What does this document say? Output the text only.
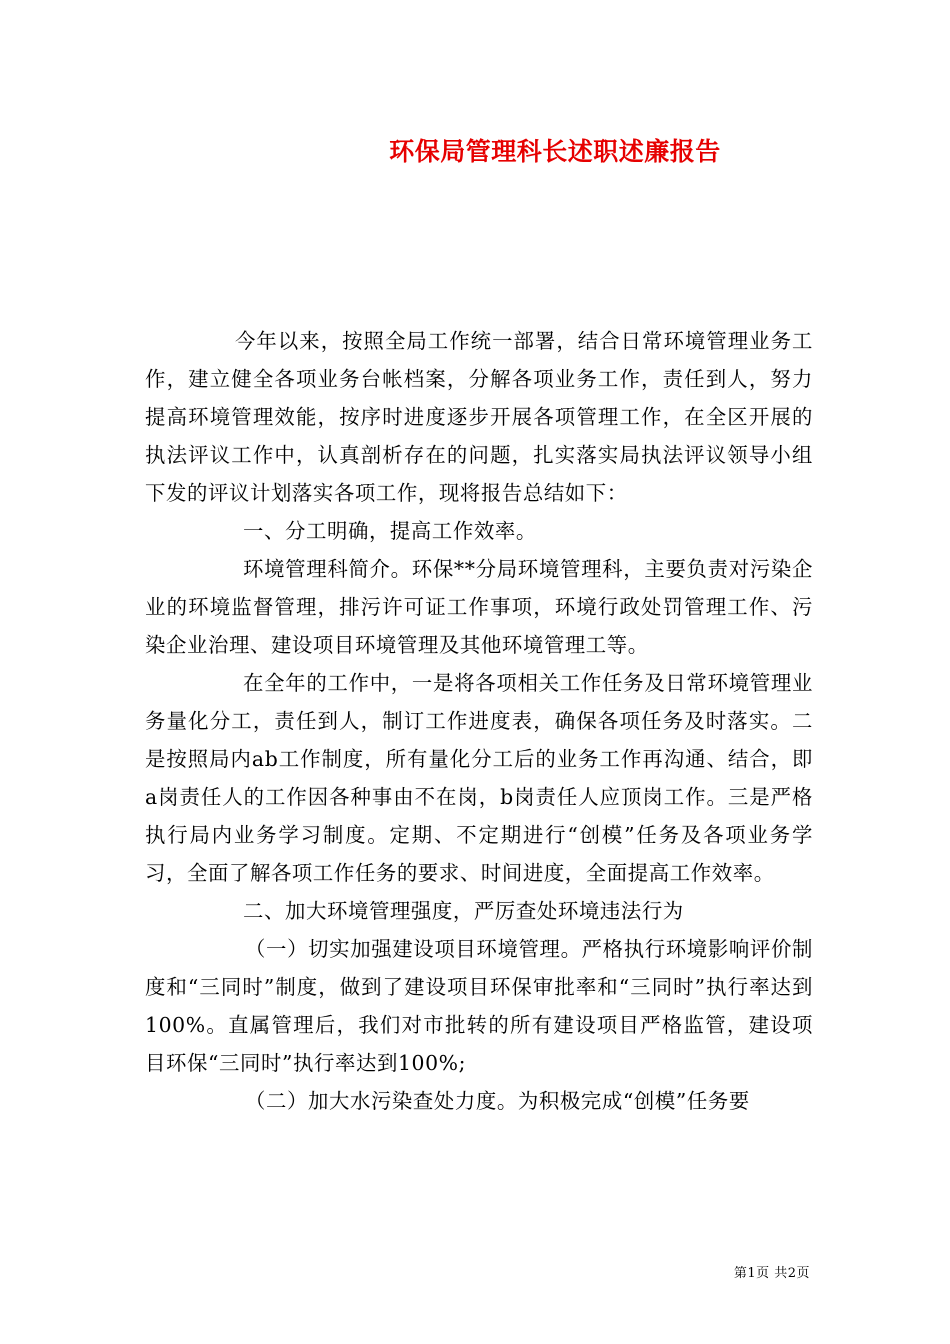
环保局管理科长述职述廉报告

今年以来，按照全局工作统一部署，结合日常环境管理业务工作，建立健全各项业务台帐档案，分解各项业务工作，责任到人，努力提高环境管理效能，按序时进度逐步开展各项管理工作，在全区开展的执法评议工作中，认真剖析存在的问题，扎实落实局执法评议领导小组下发的评议计划落实各项工作，现将报告总结如下：

一、分工明确，提高工作效率。

环境管理科简介。环保**分局环境管理科，主要负责对污染企业的环境监督管理，排污许可证工作事项，环境行政处罚管理工作、污染企业治理、建设项目环境管理及其他环境管理工等。

在全年的工作中，一是将各项相关工作任务及日常环境管理业务量化分工，责任到人，制订工作进度表，确保各项任务及时落实。二是按照局内ab工作制度，所有量化分工后的业务工作再沟通、结合，即a岗责任人的工作因各种事由不在岗，b岗责任人应顶岗工作。三是严格执行局内业务学习制度。定期、不定期进行“创模”任务及各项业务学习，全面了解各项工作任务的要求、时间进度，全面提高工作效率。

二、加大环境管理强度，严厉查处环境违法行为

（一）切实加强建设项目环境管理。严格执行环境影响评价制度和“三同时”制度，做到了建设项目环保审批率和“三同时”执行率达到100%。直属管理后，我们对市批转的所有建设项目严格监管，建设项目环保“三同时”执行率达到100%;

（二）加大水污染查处力度。为积极完成“创模”任务要

第1页 共2页
